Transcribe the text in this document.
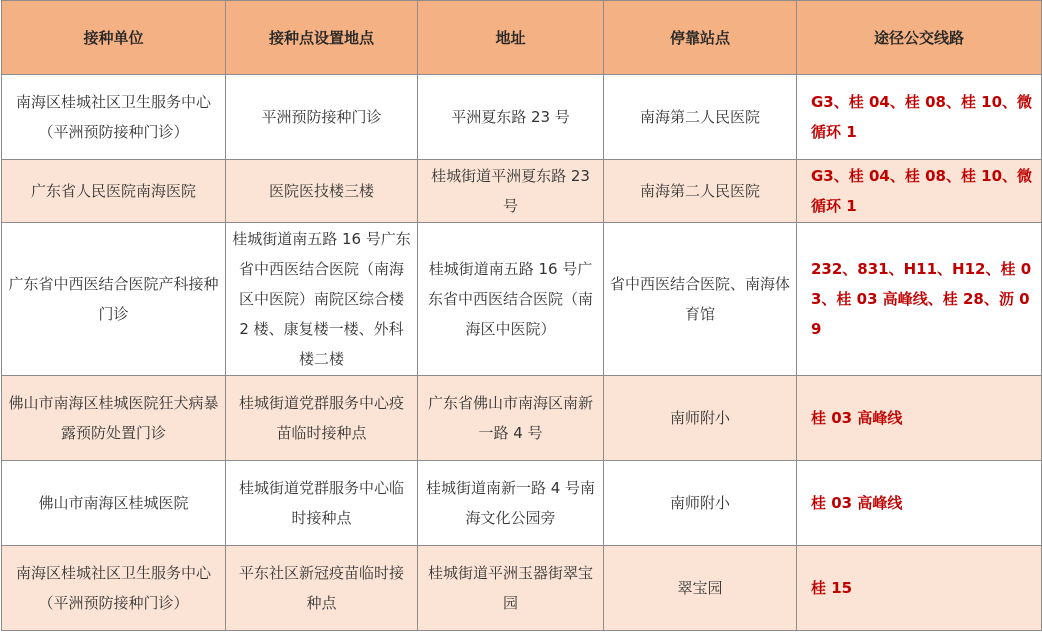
接种单位	接种点设置地点	地址	停靠站点	途径公交线路
南海区桂城社区卫生服务中心（平洲预防接种门诊）	平洲预防接种门诊	平洲夏东路 23 号	南海第二人民医院	G3、桂 04、桂 08、桂 10、微循环 1
广东省人民医院南海医院	医院医技楼三楼	桂城街道平洲夏东路 23 号	南海第二人民医院	G3、桂 04、桂 08、桂 10、微循环 1
广东省中西医结合医院产科接种门诊	桂城街道南五路 16 号广东省中西医结合医院（南海区中医院）南院区综合楼 2 楼、康复楼一楼、外科楼二楼	桂城街道南五路 16 号广东省中西医结合医院（南海区中医院）	省中西医结合医院、南海体育馆	232、831、H11、H12、桂 03、桂 03 高峰线、桂 28、沥 09
佛山市南海区桂城医院狂犬病暴露预防处置门诊	桂城街道党群服务中心疫苗临时接种点	广东省佛山市南海区南新一路 4 号	南师附小	桂 03 高峰线
佛山市南海区桂城医院	桂城街道党群服务中心临时接种点	桂城街道南新一路 4 号南海文化公园旁	南师附小	桂 03 高峰线
南海区桂城社区卫生服务中心（平洲预防接种门诊）	平东社区新冠疫苗临时接种点	桂城街道平洲玉器街翠宝园	翠宝园	桂 15
